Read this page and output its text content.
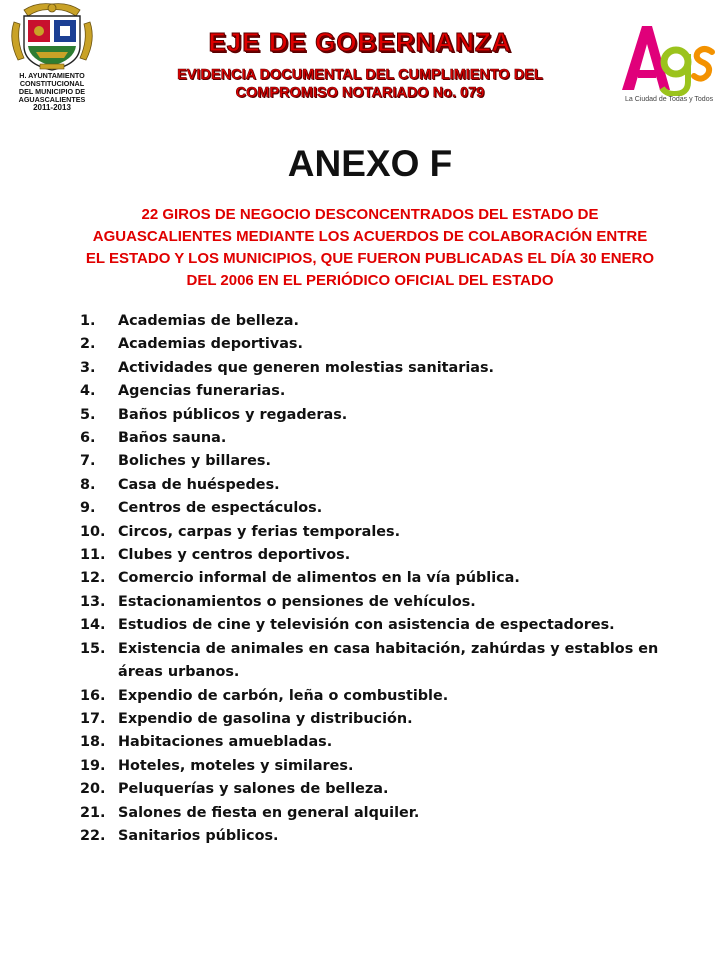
H. AYUNTAMIENTO
CONSTITUCIONAL
DEL MUNICIPIO DE
AGUASCALIENTES
2011-2013
EJE DE GOBERNANZA
EVIDENCIA DOCUMENTAL DEL CUMPLIMIENTO DEL
COMPROMISO NOTARIADO No. 079	La Ciudad de Todas y Todos
ANEXO F
22 GIROS DE NEGOCIO DESCONCENTRADOS DEL ESTADO DE
AGUASCALIENTES MEDIANTE LOS ACUERDOS DE COLABORACIÓN ENTRE
EL ESTADO Y LOS MUNICIPIOS, QUE FUERON PUBLICADAS EL DÍA 30 ENERO
DEL 2006 EN EL PERIÓDICO OFICIAL DEL ESTADO
1. Academias de belleza.
2. Academias deportivas.
3. Actividades que generen molestias sanitarias.
4. Agencias funerarias.
5. Baños públicos y regaderas.
6. Baños sauna.
7. Boliches y billares.
8. Casa de huéspedes.
9. Centros de espectáculos.
10. Circos, carpas y ferias temporales.
11. Clubes y centros deportivos.
12. Comercio informal de alimentos en la vía pública.
13. Estacionamientos o pensiones de vehículos.
14. Estudios de cine y televisión con asistencia de espectadores.
15. Existencia de animales en casa habitación, zahúrdas y establos en áreas urbanos.
16. Expendio de carbón, leña o combustible.
17. Expendio de gasolina y distribución.
18. Habitaciones amuebladas.
19. Hoteles, moteles y similares.
20. Peluquerías y salones de belleza.
21. Salones de fiesta en general alquiler.
22. Sanitarios públicos.
